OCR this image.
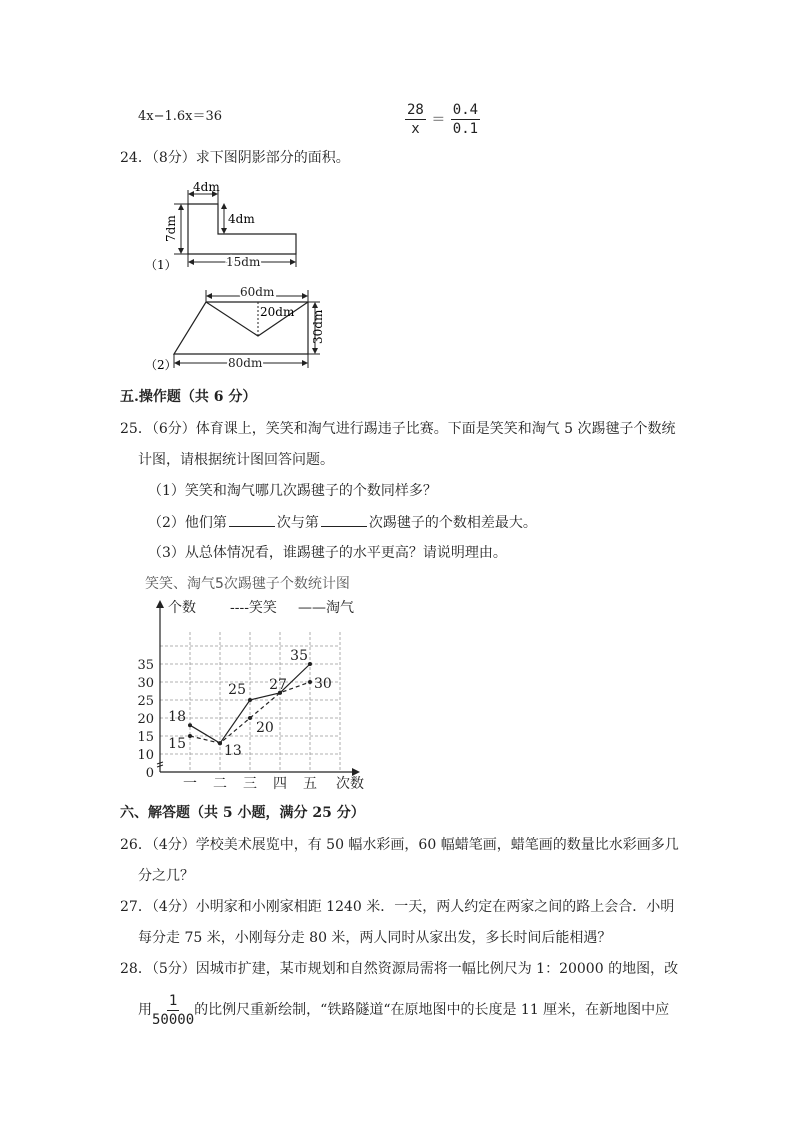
4x−1.6x＝36	$\frac{28}{x} = \frac{0.4}{0.1}$
24．（8分）求下图阴影部分的面积。
4dm
4dm
7dm
15dm
（1）
60dm
20dm 30dm
80dm
（2）
五.操作题（共 6 分）
25．（6分）体育课上，笑笑和淘气进行踢违子比赛。下面是笑笑和淘气 5 次踢毽子个数统
计图，请根据统计图回答问题。
（1）笑笑和淘气哪几次踢毽子的个数同样多？
（2）他们第	次与第	次踢毽子的个数相差最大。
（3）从总体情况看，谁踢毽子的水平更高？请说明理由。
笑笑、淘气5次踢毽子个数统计图
个数 ----笑笑 ——淘气
0
10
15
20
25
30
35
一 二 三 四 五 次数
15
18
13
20
25 27 30
35
六、解答题（共 5 小题，满分 25 分）
26．（4分）学校美术展览中，有 50 幅水彩画，60 幅蜡笔画，蜡笔画的数量比水彩画多几
分之几？
27．（4分）小明家和小刚家相距 1240 米．一天，两人约定在两家之间的路上会合．小明
每分走 75 米，小刚每分走 80 米，两人同时从家出发，多长时间后能相遇？
28．（5分）因城市扩建，某市规划和自然资源局需将一幅比例尺为 1：20000 的地图，改
用 $\frac{1}{50000}$ 的比例尺重新绘制，“铁路隧道“在原地图中的长度是 11 厘米，在新地图中应
